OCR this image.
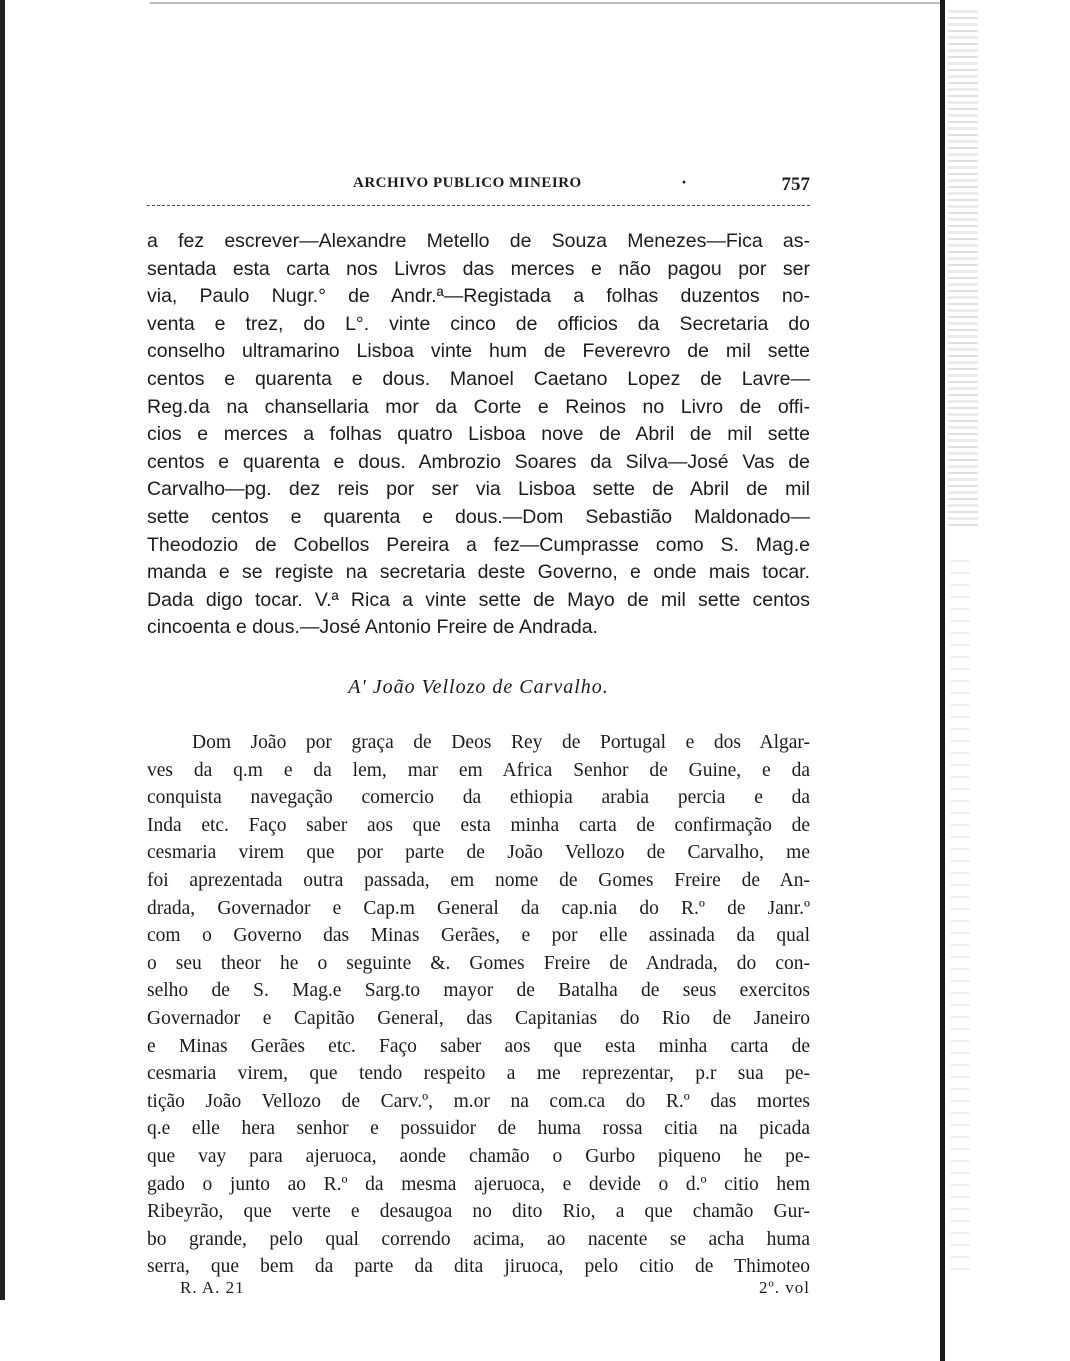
ARCHIVO PUBLICO MINEIRO	·	757
a fez escrever—Alexandre Metello de Souza Menezes—Fica as-
sentada esta carta nos Livros das merces e não pagou por ser
via, Paulo Nugr.° de Andr.ª—Registada a folhas duzentos no-
venta e trez, do L°. vinte cinco de officios da Secretaria do
conselho ultramarino Lisboa vinte hum de Feverevro de mil sette
centos e quarenta e dous. Manoel Caetano Lopez de Lavre—
Reg.da na chansellaria mor da Corte e Reinos no Livro de offi-
cios e merces a folhas quatro Lisboa nove de Abril de mil sette
centos e quarenta e dous. Ambrozio Soares da Silva—José Vas de
Carvalho—pg. dez reis por ser via Lisboa sette de Abril de mil
sette centos e quarenta e dous.—Dom Sebastião Maldonado—
Theodozio de Cobellos Pereira a fez—Cumprasse como S. Mag.e
manda e se registe na secretaria deste Governo, e onde mais tocar.
Dada digo tocar. V.ª Rica a vinte sette de Mayo de mil sette centos
cincoenta e dous.—José Antonio Freire de Andrada.
A' João Vellozo de Carvalho.
Dom João por graça de Deos Rey de Portugal e dos Algar-
ves da q.m e da lem, mar em Africa Senhor de Guine, e da
conquista navegação comercio da ethiopia arabia percia e da
Inda etc. Faço saber aos que esta minha carta de confirmação de
cesmaria virem que por parte de João Vellozo de Carvalho, me
foi aprezentada outra passada, em nome de Gomes Freire de An-
drada, Governador e Cap.m General da cap.nia do R.º de Janr.º
com o Governo das Minas Gerães, e por elle assinada da qual
o seu theor he o seguinte &. Gomes Freire de Andrada, do con-
selho de S. Mag.e Sarg.to mayor de Batalha de seus exercitos
Governador e Capitão General, das Capitanias do Rio de Janeiro
e Minas Gerães etc. Faço saber aos que esta minha carta de
cesmaria virem, que tendo respeito a me reprezentar, p.r sua pe-
tição João Vellozo de Carv.º, m.or na com.ca do R.º das mortes
q.e elle hera senhor e possuidor de huma rossa citia na picada
que vay para ajeruoca, aonde chamão o Gurbo piqueno he pe-
gado o junto ao R.º da mesma ajeruoca, e devide o d.º citio hem
Ribeyrão, que verte e desaugoa no dito Rio, a que chamão Gur-
bo grande, pelo qual correndo acima, ao nacente se acha huma
serra, que bem da parte da dita jiruoca, pelo citio de Thimoteo
R. A. 21	2º. vol
